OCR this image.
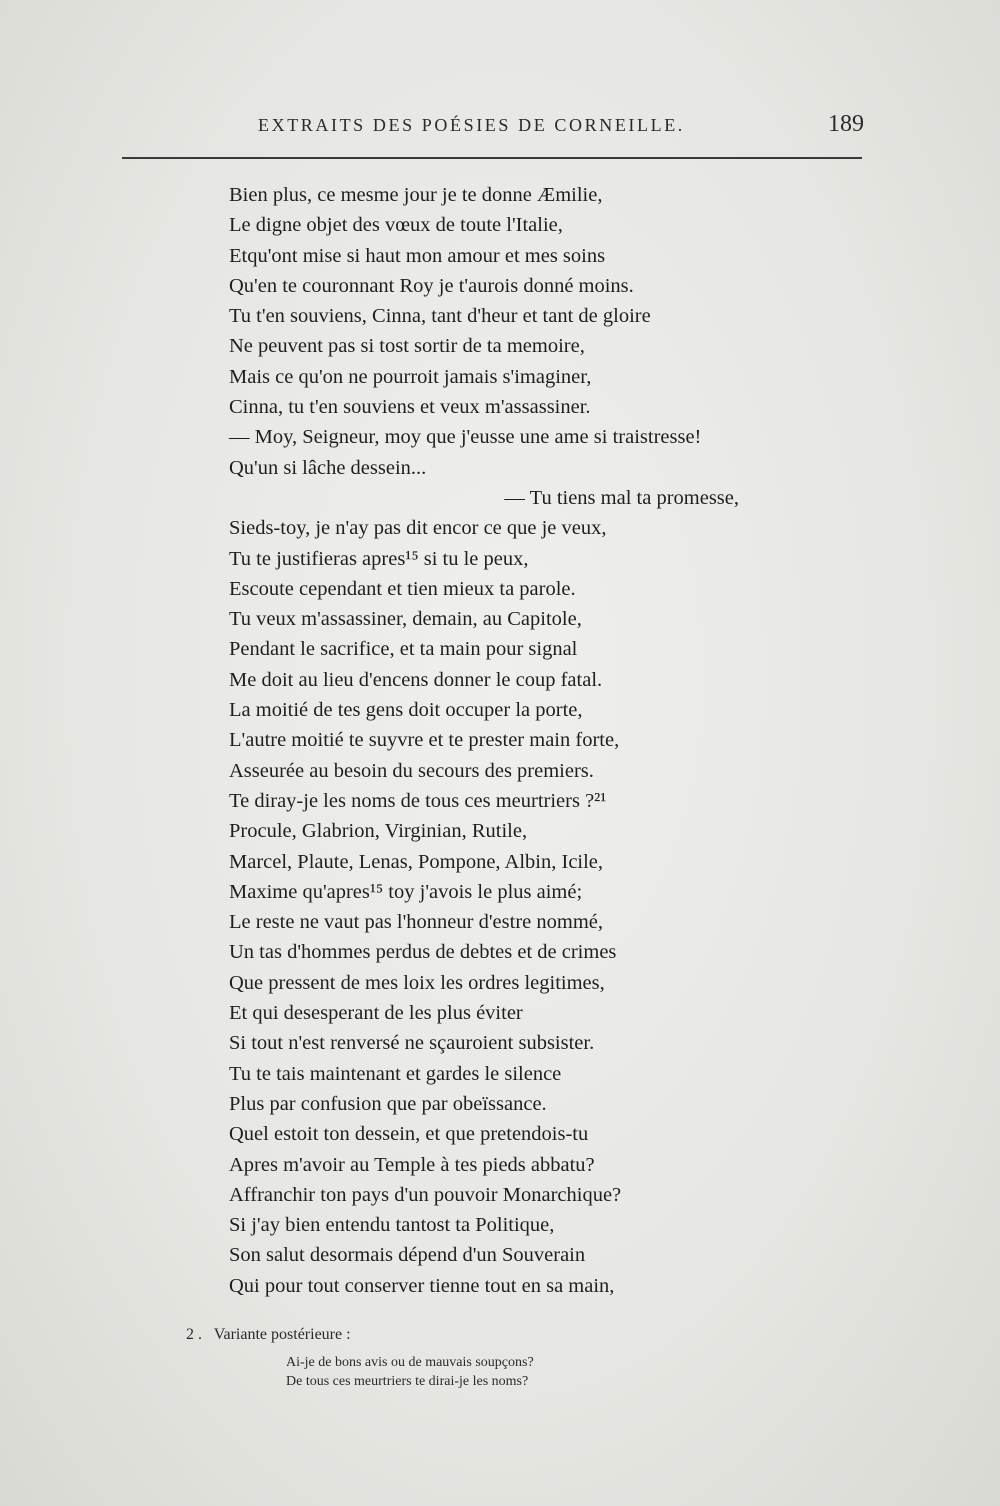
EXTRAITS DES POÉSIES DE CORNEILLE.	189
Bien plus, ce mesme jour je te donne Æmilie,
Le digne objet des vœux de toute l'Italie,
Etqu'ont mise si haut mon amour et mes soins
Qu'en te couronnant Roy je t'aurois donné moins.
Tu t'en souviens, Cinna, tant d'heur et tant de gloire
Ne peuvent pas si tost sortir de ta memoire,
Mais ce qu'on ne pourroit jamais s'imaginer,
Cinna, tu t'en souviens et veux m'assassiner.
— Moy, Seigneur, moy que j'eusse une ame si traistresse!
Qu'un si lâche dessein...
— Tu tiens mal ta promesse,
Sieds-toy, je n'ay pas dit encor ce que je veux,
Tu te justifieras apres¹⁵ si tu le peux,
Escoute cependant et tien mieux ta parole.
Tu veux m'assassiner, demain, au Capitole,
Pendant le sacrifice, et ta main pour signal
Me doit au lieu d'encens donner le coup fatal.
La moitié de tes gens doit occuper la porte,
L'autre moitié te suyvre et te prester main forte,
Asseurée au besoin du secours des premiers.
Te diray-je les noms de tous ces meurtriers ?²¹
Procule, Glabrion, Virginian, Rutile,
Marcel, Plaute, Lenas, Pompone, Albin, Icile,
Maxime qu'apres¹⁵ toy j'avois le plus aimé;
Le reste ne vaut pas l'honneur d'estre nommé,
Un tas d'hommes perdus de debtes et de crimes
Que pressent de mes loix les ordres legitimes,
Et qui desesperant de les plus éviter
Si tout n'est renversé ne sçauroient subsister.
Tu te tais maintenant et gardes le silence
Plus par confusion que par obeïssance.
Quel estoit ton dessein, et que pretendois-tu
Apres m'avoir au Temple à tes pieds abbatu?
Affranchir ton pays d'un pouvoir Monarchique?
Si j'ay bien entendu tantost ta Politique,
Son salut desormais dépend d'un Souverain
Qui pour tout conserver tienne tout en sa main,
2 . Variante postérieure :
Ai-je de bons avis ou de mauvais soupçons?
De tous ces meurtriers te dirai-je les noms?
